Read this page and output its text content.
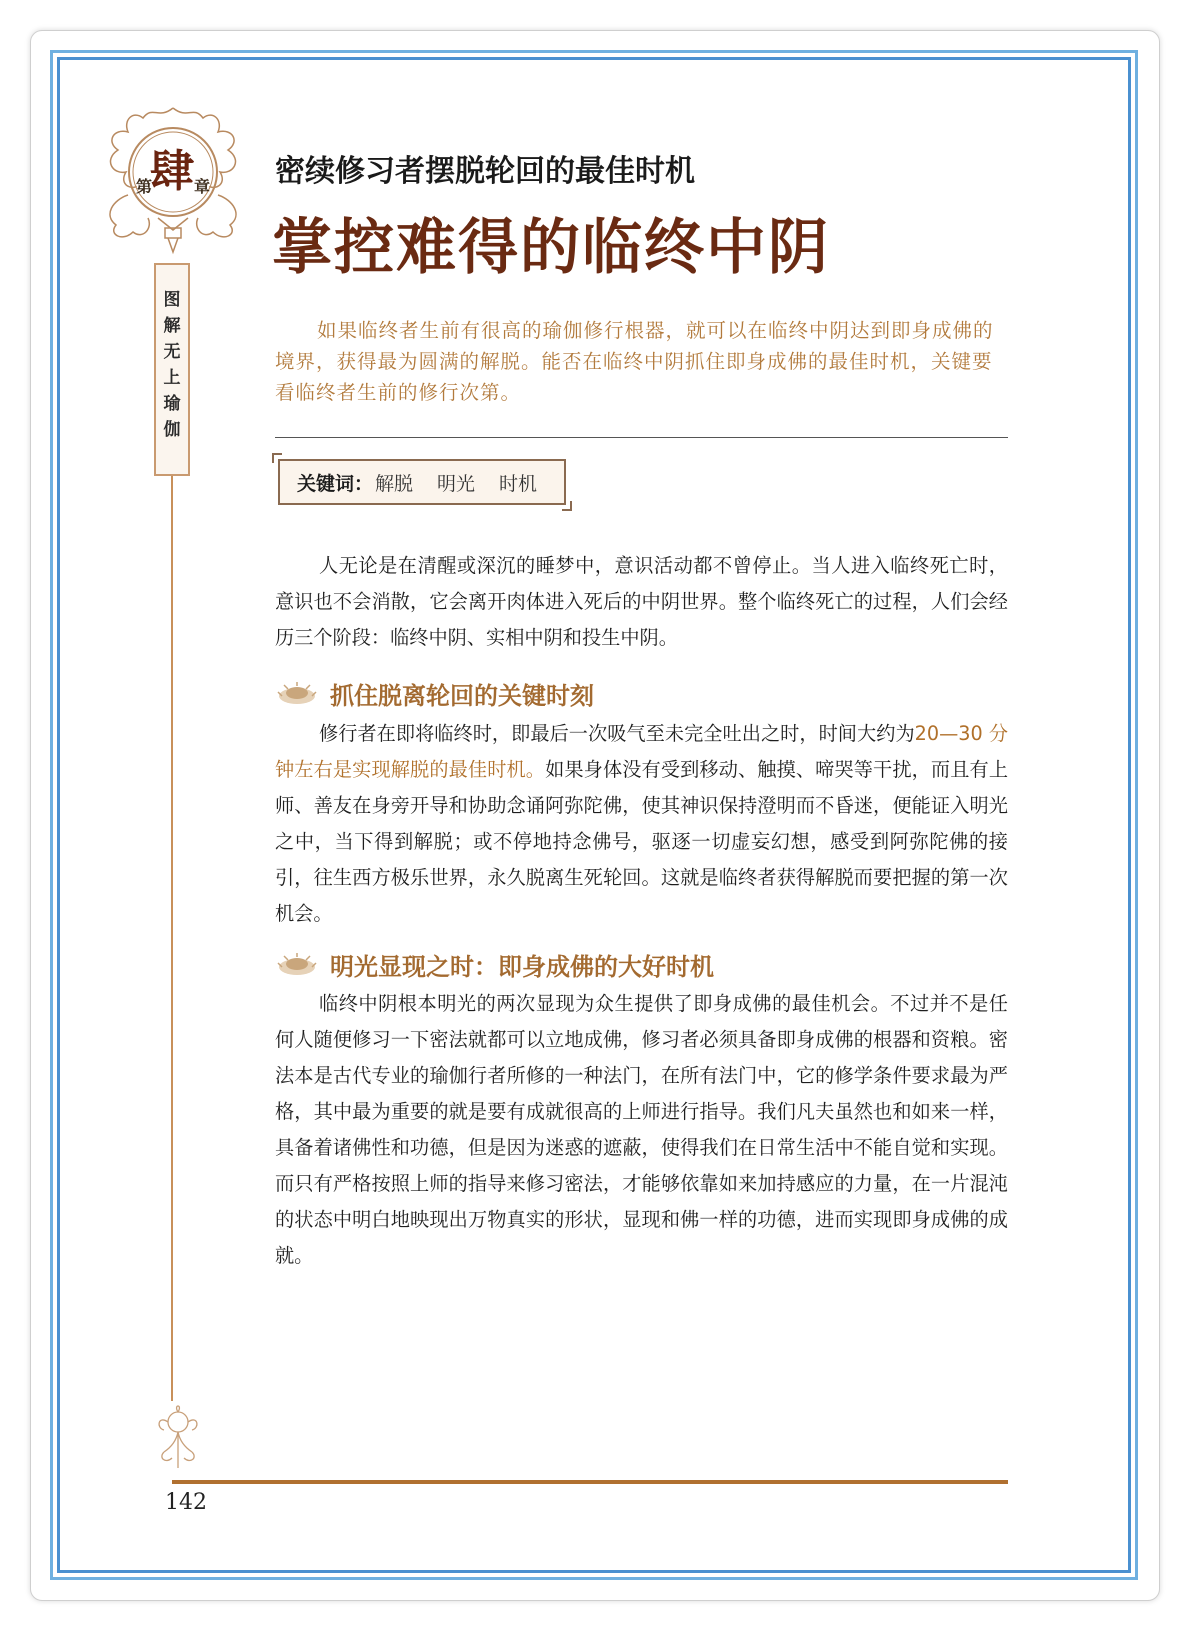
第
肆 章
图
解
无
上
瑜
伽
密续修习者摆脱轮回的最佳时机
掌控难得的临终中阴
如果临终者生前有很高的瑜伽修行根器，就可以在临终中阴达到即身成佛的境界，获得最为圆满的解脱。能否在临终中阴抓住即身成佛的最佳时机，关键要看临终者生前的修行次第。
关键词： 解脱 明光 时机
人无论是在清醒或深沉的睡梦中，意识活动都不曾停止。当人进入临终死亡时，意识也不会消散，它会离开肉体进入死后的中阴世界。整个临终死亡的过程，人们会经历三个阶段：临终中阴、实相中阴和投生中阴。
抓住脱离轮回的关键时刻
修行者在即将临终时，即最后一次吸气至未完全吐出之时，时间大约为20—30 分钟左右是实现解脱的最佳时机。如果身体没有受到移动、触摸、啼哭等干扰，而且有上师、善友在身旁开导和协助念诵阿弥陀佛，使其神识保持澄明而不昏迷，便能证入明光之中，当下得到解脱；或不停地持念佛号，驱逐一切虚妄幻想，感受到阿弥陀佛的接引，往生西方极乐世界，永久脱离生死轮回。这就是临终者获得解脱而要把握的第一次机会。
明光显现之时：即身成佛的大好时机
临终中阴根本明光的两次显现为众生提供了即身成佛的最佳机会。不过并不是任何人随便修习一下密法就都可以立地成佛，修习者必须具备即身成佛的根器和资粮。密法本是古代专业的瑜伽行者所修的一种法门，在所有法门中，它的修学条件要求最为严格，其中最为重要的就是要有成就很高的上师进行指导。我们凡夫虽然也和如来一样，具备着诸佛性和功德，但是因为迷惑的遮蔽，使得我们在日常生活中不能自觉和实现。而只有严格按照上师的指导来修习密法，才能够依靠如来加持感应的力量，在一片混沌的状态中明白地映现出万物真实的形状，显现和佛一样的功德，进而实现即身成佛的成就。
142
